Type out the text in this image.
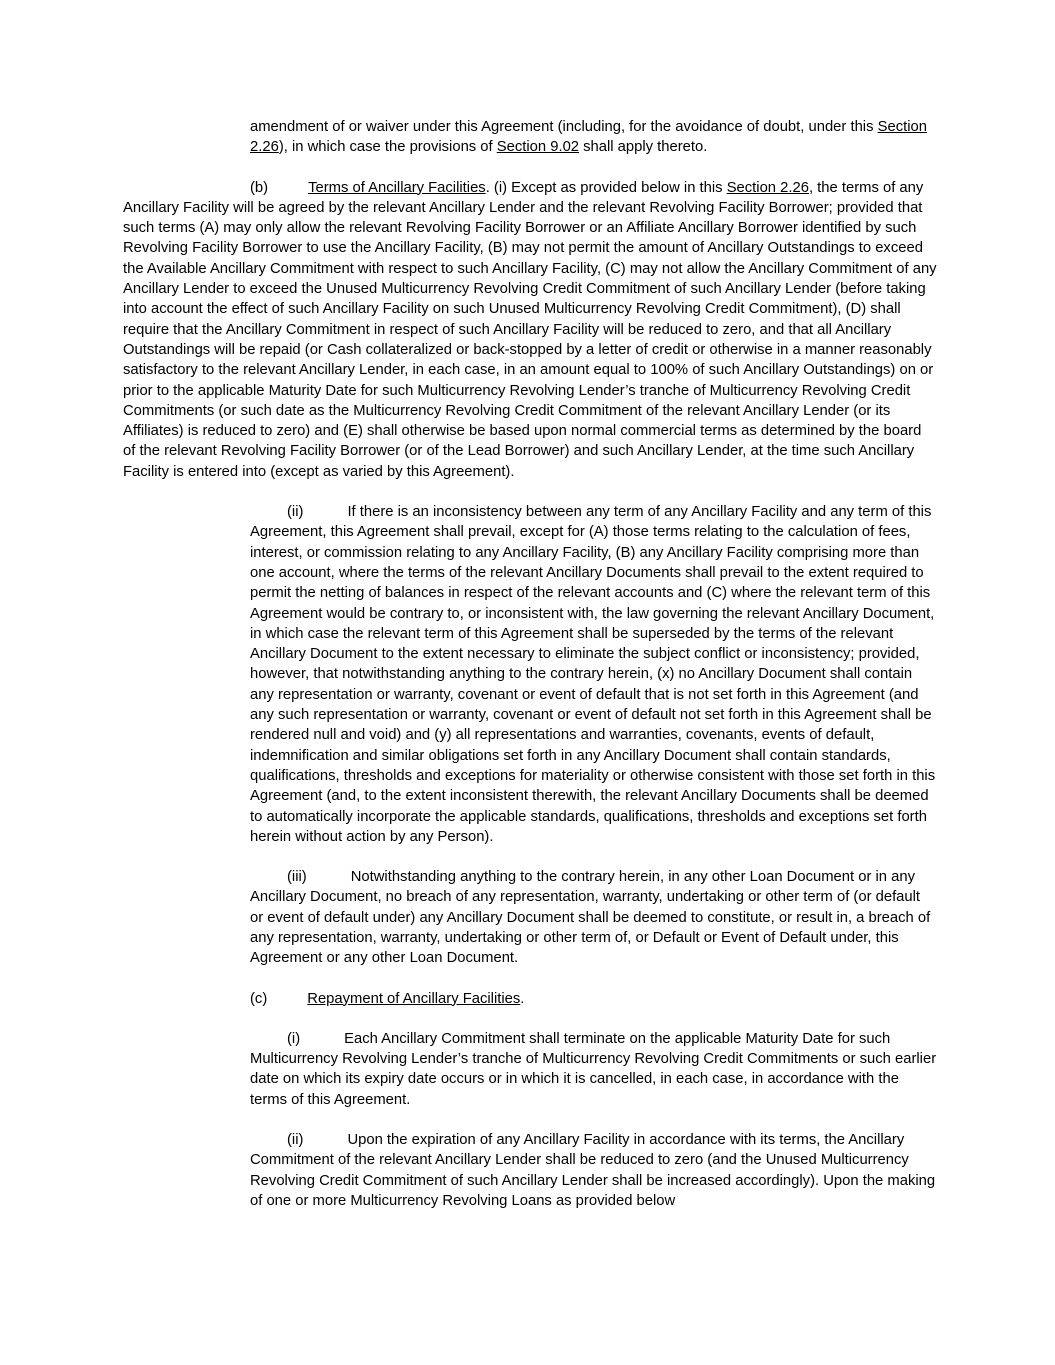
amendment of or waiver under this Agreement (including, for the avoidance of doubt, under this Section 2.26), in which case the provisions of Section 9.02 shall apply thereto.

(b)	Terms of Ancillary Facilities. (i) Except as provided below in this Section 2.26, the terms of any Ancillary Facility will be agreed by the relevant Ancillary Lender and the relevant Revolving Facility Borrower; provided that such terms (A) may only allow the relevant Revolving Facility Borrower or an Affiliate Ancillary Borrower identified by such Revolving Facility Borrower to use the Ancillary Facility, (B) may not permit the amount of Ancillary Outstandings to exceed the Available Ancillary Commitment with respect to such Ancillary Facility, (C) may not allow the Ancillary Commitment of any Ancillary Lender to exceed the Unused Multicurrency Revolving Credit Commitment of such Ancillary Lender (before taking into account the effect of such Ancillary Facility on such Unused Multicurrency Revolving Credit Commitment), (D) shall require that the Ancillary Commitment in respect of such Ancillary Facility will be reduced to zero, and that all Ancillary Outstandings will be repaid (or Cash collateralized or back-stopped by a letter of credit or otherwise in a manner reasonably satisfactory to the relevant Ancillary Lender, in each case, in an amount equal to 100% of such Ancillary Outstandings) on or prior to the applicable Maturity Date for such Multicurrency Revolving Lender’s tranche of Multicurrency Revolving Credit Commitments (or such date as the Multicurrency Revolving Credit Commitment of the relevant Ancillary Lender (or its Affiliates) is reduced to zero) and (E) shall otherwise be based upon normal commercial terms as determined by the board of the relevant Revolving Facility Borrower (or of the Lead Borrower) and such Ancillary Lender, at the time such Ancillary Facility is entered into (except as varied by this Agreement).

(ii)	If there is an inconsistency between any term of any Ancillary Facility and any term of this Agreement, this Agreement shall prevail, except for (A) those terms relating to the calculation of fees, interest, or commission relating to any Ancillary Facility, (B) any Ancillary Facility comprising more than one account, where the terms of the relevant Ancillary Documents shall prevail to the extent required to permit the netting of balances in respect of the relevant accounts and (C) where the relevant term of this Agreement would be contrary to, or inconsistent with, the law governing the relevant Ancillary Document, in which case the relevant term of this Agreement shall be superseded by the terms of the relevant Ancillary Document to the extent necessary to eliminate the subject conflict or inconsistency; provided, however, that notwithstanding anything to the contrary herein, (x) no Ancillary Document shall contain any representation or warranty, covenant or event of default that is not set forth in this Agreement (and any such representation or warranty, covenant or event of default not set forth in this Agreement shall be rendered null and void) and (y) all representations and warranties, covenants, events of default, indemnification and similar obligations set forth in any Ancillary Document shall contain standards, qualifications, thresholds and exceptions for materiality or otherwise consistent with those set forth in this Agreement (and, to the extent inconsistent therewith, the relevant Ancillary Documents shall be deemed to automatically incorporate the applicable standards, qualifications, thresholds and exceptions set forth herein without action by any Person).

(iii)	Notwithstanding anything to the contrary herein, in any other Loan Document or in any Ancillary Document, no breach of any representation, warranty, undertaking or other term of (or default or event of default under) any Ancillary Document shall be deemed to constitute, or result in, a breach of any representation, warranty, undertaking or other term of, or Default or Event of Default under, this Agreement or any other Loan Document.

(c)	Repayment of Ancillary Facilities.

(i)	Each Ancillary Commitment shall terminate on the applicable Maturity Date for such Multicurrency Revolving Lender’s tranche of Multicurrency Revolving Credit Commitments or such earlier date on which its expiry date occurs or in which it is cancelled, in each case, in accordance with the terms of this Agreement.

(ii)	Upon the expiration of any Ancillary Facility in accordance with its terms, the Ancillary Commitment of the relevant Ancillary Lender shall be reduced to zero (and the Unused Multicurrency Revolving Credit Commitment of such Ancillary Lender shall be increased accordingly). Upon the making of one or more Multicurrency Revolving Loans as provided below
